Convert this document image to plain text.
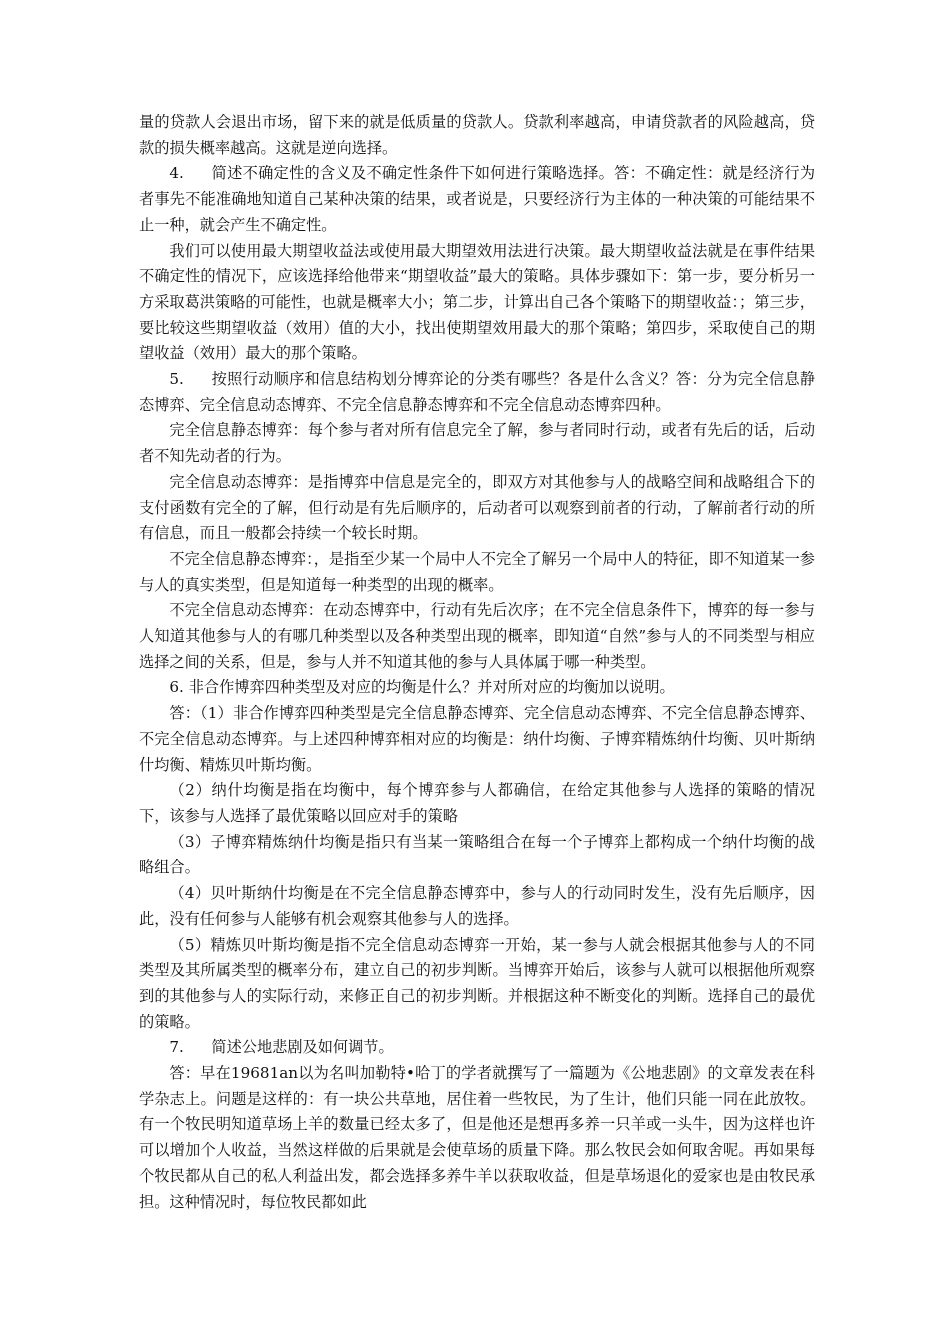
量的贷款人会退出市场，留下来的就是低质量的贷款人。贷款利率越高，申请贷款者的风险越高，贷款的损失概率越高。这就是逆向选择。

4. 简述不确定性的含义及不确定性条件下如何进行策略选择。答：不确定性：就是经济行为者事先不能准确地知道自己某种决策的结果，或者说是，只要经济行为主体的一种决策的可能结果不止一种，就会产生不确定性。

我们可以使用最大期望收益法或使用最大期望效用法进行决策。最大期望收益法就是在事件结果不确定性的情况下，应该选择给他带来“期望收益”最大的策略。具体步骤如下：第一步，要分析另一方采取葛洪策略的可能性，也就是概率大小；第二步，计算出自己各个策略下的期望收益：；第三步，要比较这些期望收益（效用）值的大小，找出使期望效用最大的那个策略；第四步，采取使自己的期望收益（效用）最大的那个策略。

5. 按照行动顺序和信息结构划分博弈论的分类有哪些？各是什么含义？答：分为完全信息静态博弈、完全信息动态博弈、不完全信息静态博弈和不完全信息动态博弈四种。

完全信息静态博弈：每个参与者对所有信息完全了解，参与者同时行动，或者有先后的话，后动者不知先动者的行为。

完全信息动态博弈：是指博弈中信息是完全的，即双方对其他参与人的战略空间和战略组合下的支付函数有完全的了解，但行动是有先后顺序的，后动者可以观察到前者的行动，了解前者行动的所有信息，而且一般都会持续一个较长时期。

不完全信息静态博弈：，是指至少某一个局中人不完全了解另一个局中人的特征，即不知道某一参与人的真实类型，但是知道每一种类型的出现的概率。

不完全信息动态博弈：在动态博弈中，行动有先后次序；在不完全信息条件下，博弈的每一参与人知道其他参与人的有哪几种类型以及各种类型出现的概率，即知道“自然”参与人的不同类型与相应选择之间的关系，但是，参与人并不知道其他的参与人具体属于哪一种类型。

6. 非合作博弈四种类型及对应的均衡是什么？并对所对应的均衡加以说明。

答：（1）非合作博弈四种类型是完全信息静态博弈、完全信息动态博弈、不完全信息静态博弈、不完全信息动态博弈。与上述四种博弈相对应的均衡是：纳什均衡、子博弈精炼纳什均衡、贝叶斯纳什均衡、精炼贝叶斯均衡。

（2）纳什均衡是指在均衡中，每个博弈参与人都确信，在给定其他参与人选择的策略的情况下，该参与人选择了最优策略以回应对手的策略

（3）子博弈精炼纳什均衡是指只有当某一策略组合在每一个子博弈上都构成一个纳什均衡的战略组合。

（4）贝叶斯纳什均衡是在不完全信息静态博弈中，参与人的行动同时发生，没有先后顺序，因此，没有任何参与人能够有机会观察其他参与人的选择。

（5）精炼贝叶斯均衡是指不完全信息动态博弈一开始，某一参与人就会根据其他参与人的不同类型及其所属类型的概率分布，建立自己的初步判断。当博弈开始后，该参与人就可以根据他所观察到的其他参与人的实际行动，来修正自己的初步判断。并根据这种不断变化的判断。选择自己的最优的策略。

7. 简述公地悲剧及如何调节。

答：早在19681an以为名叫加勒特•哈丁的学者就撰写了一篇题为《公地悲剧》的文章发表在科学杂志上。问题是这样的：有一块公共草地，居住着一些牧民，为了生计，他们只能一同在此放牧。有一个牧民明知道草场上羊的数量已经太多了，但是他还是想再多养一只羊或一头牛，因为这样也许可以增加个人收益，当然这样做的后果就是会使草场的质量下降。那么牧民会如何取舍呢。再如果每个牧民都从自己的私人利益出发，都会选择多养牛羊以获取收益，但是草场退化的爱家也是由牧民承担。这种情况时，每位牧民都如此
